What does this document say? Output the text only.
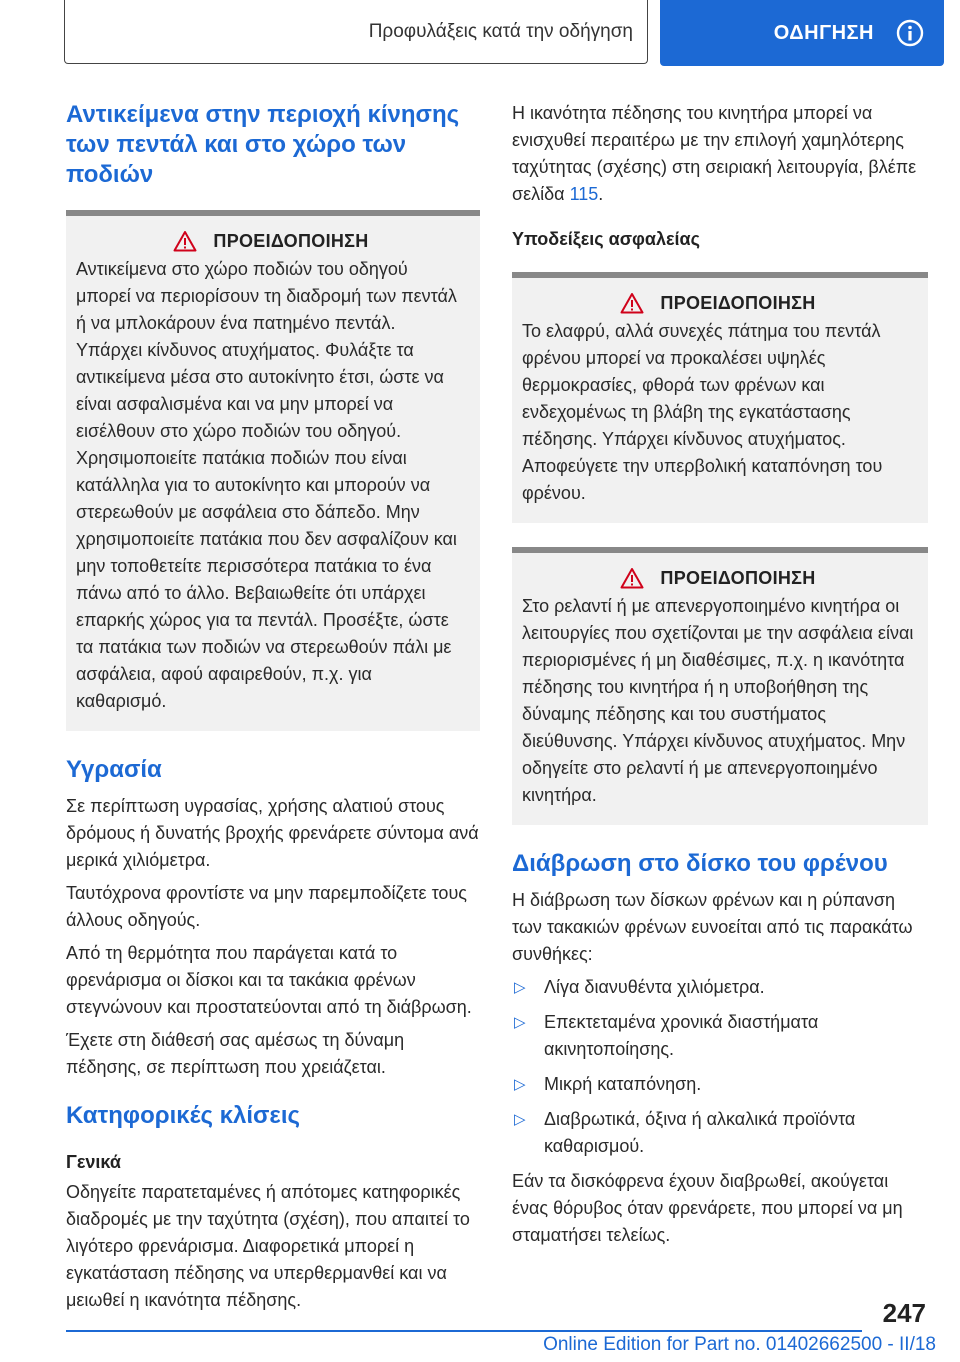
Προφυλάξεις κατά την οδήγηση	ΟΔΗΓΗΣΗ
Αντικείμενα στην περιοχή κίνησης των πεντάλ και στο χώρο των ποδιών
ΠΡΟΕΙΔΟΠΟΙΗΣΗ

Αντικείμενα στο χώρο ποδιών του οδηγού μπορεί να περιορίσουν τη διαδρομή των πεντάλ ή να μπλοκάρουν ένα πατημένο πεντάλ. Υπάρχει κίνδυνος ατυχήματος. Φυλάξτε τα αντικείμενα μέσα στο αυτοκίνητο έτσι, ώστε να είναι ασφαλισμένα και να μην μπορεί να εισέλθουν στο χώρο ποδιών του οδηγού. Χρησιμοποιείτε πατάκια ποδιών που είναι κατάλληλα για το αυτοκίνητο και μπορούν να στερεωθούν με ασφάλεια στο δάπεδο. Μην χρησιμοποιείτε πατάκια που δεν ασφαλίζουν και μην τοποθετείτε περισσότερα πατάκια το ένα πάνω από το άλλο. Βεβαιωθείτε ότι υπάρχει επαρκής χώρος για τα πεντάλ. Προσέξτε, ώστε τα πατάκια των ποδιών να στερεωθούν πάλι με ασφάλεια, αφού αφαιρεθούν, π.χ. για καθαρισμό.

Υγρασία

Σε περίπτωση υγρασίας, χρήσης αλατιού στους δρόμους ή δυνατής βροχής φρενάρετε σύντομα ανά μερικά χιλιόμετρα.

Ταυτόχρονα φροντίστε να μην παρεμποδίζετε τους άλλους οδηγούς.

Από τη θερμότητα που παράγεται κατά το φρενάρισμα οι δίσκοι και τα τακάκια φρένων στεγνώνουν και προστατεύονται από τη διάβρωση.

Έχετε στη διάθεσή σας αμέσως τη δύναμη πέδησης, σε περίπτωση που χρειάζεται.

Κατηφορικές κλίσεις
Γενικά

Οδηγείτε παρατεταμένες ή απότομες κατηφορικές διαδρομές με την ταχύτητα (σχέση), που απαιτεί το λιγότερο φρενάρισμα. Διαφορετικά μπορεί η εγκατάσταση πέδησης να υπερθερμανθεί και να μειωθεί η ικανότητα πέδησης.

Η ικανότητα πέδησης του κινητήρα μπορεί να ενισχυθεί περαιτέρω με την επιλογή χαμηλότερης ταχύτητας (σχέσης) στη σειριακή λειτουργία, βλέπε σελίδα 115.

Υποδείξεις ασφαλείας
ΠΡΟΕΙΔΟΠΟΙΗΣΗ

Το ελαφρύ, αλλά συνεχές πάτημα του πεντάλ φρένου μπορεί να προκαλέσει υψηλές θερμοκρασίες, φθορά των φρένων και ενδεχομένως τη βλάβη της εγκατάστασης πέδησης. Υπάρχει κίνδυνος ατυχήματος. Αποφεύγετε την υπερβολική καταπόνηση του φρένου.

ΠΡΟΕΙΔΟΠΟΙΗΣΗ

Στο ρελαντί ή με απενεργοποιημένο κινητήρα οι λειτουργίες που σχετίζονται με την ασφάλεια είναι περιορισμένες ή μη διαθέσιμες, π.χ. η ικανότητα πέδησης του κινητήρα ή η υποβοήθηση της δύναμης πέδησης και του συστήματος διεύθυνσης. Υπάρχει κίνδυνος ατυχήματος. Μην οδηγείτε στο ρελαντί ή με απενεργοποιημένο κινητήρα.

Διάβρωση στο δίσκο του φρένου

Η διάβρωση των δίσκων φρένων και η ρύπανση των τακακιών φρένων ευνοείται από τις παρακάτω συνθήκες:

▷ Λίγα διανυθέντα χιλιόμετρα.
▷ Επεκτεταμένα χρονικά διαστήματα ακινητοποίησης.
▷ Μικρή καταπόνηση.
▷ Διαβρωτικά, όξινα ή αλκαλικά προϊόντα καθαρισμού.

Εάν τα δισκόφρενα έχουν διαβρωθεί, ακούγεται ένας θόρυβος όταν φρενάρετε, που μπορεί να μη σταματήσει τελείως.

247
Online Edition for Part no. 01402662500 - II/18
